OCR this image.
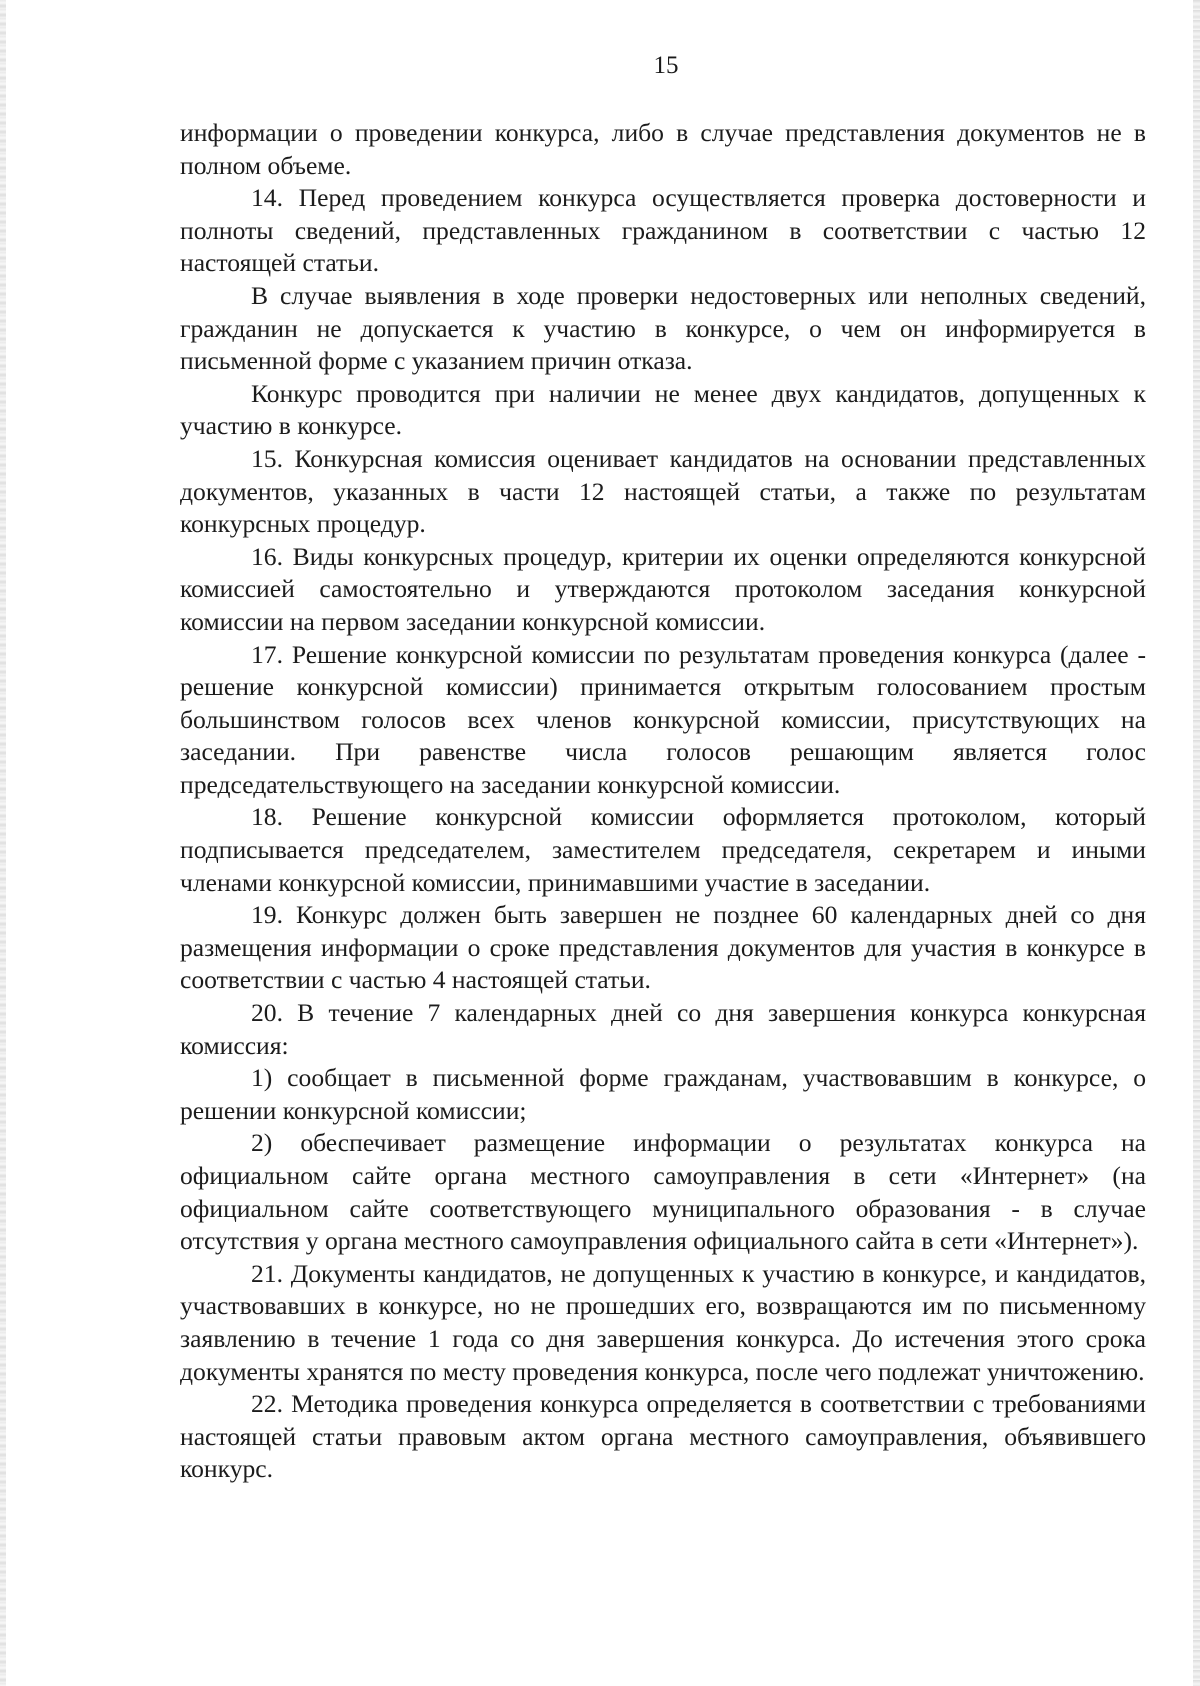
15

информации о проведении конкурса, либо в случае представления документов не в полном объеме.

14. Перед проведением конкурса осуществляется проверка достоверности и полноты сведений, представленных гражданином в соответствии с частью 12 настоящей статьи.

В случае выявления в ходе проверки недостоверных или неполных сведений, гражданин не допускается к участию в конкурсе, о чем он информируется в письменной форме с указанием причин отказа.

Конкурс проводится при наличии не менее двух кандидатов, допущенных к участию в конкурсе.

15. Конкурсная комиссия оценивает кандидатов на основании представленных документов, указанных в части 12 настоящей статьи, а также по результатам конкурсных процедур.

16. Виды конкурсных процедур, критерии их оценки определяются конкурсной комиссией самостоятельно и утверждаются протоколом заседания конкурсной комиссии на первом заседании конкурсной комиссии.

17. Решение конкурсной комиссии по результатам проведения конкурса (далее - решение конкурсной комиссии) принимается открытым голосованием простым большинством голосов всех членов конкурсной комиссии, присутствующих на заседании. При равенстве числа голосов решающим является голос председательствующего на заседании конкурсной комиссии.

18. Решение конкурсной комиссии оформляется протоколом, который подписывается председателем, заместителем председателя, секретарем и иными членами конкурсной комиссии, принимавшими участие в заседании.

19. Конкурс должен быть завершен не позднее 60 календарных дней со дня размещения информации о сроке представления документов для участия в конкурсе в соответствии с частью 4 настоящей статьи.

20. В течение 7 календарных дней со дня завершения конкурса конкурсная комиссия:

1) сообщает в письменной форме гражданам, участвовавшим в конкурсе, о решении конкурсной комиссии;

2) обеспечивает размещение информации о результатах конкурса на официальном сайте органа местного самоуправления в сети «Интернет» (на официальном сайте соответствующего муниципального образования - в случае отсутствия у органа местного самоуправления официального сайта в сети «Интернет»).

21. Документы кандидатов, не допущенных к участию в конкурсе, и кандидатов, участвовавших в конкурсе, но не прошедших его, возвращаются им по письменному заявлению в течение 1 года со дня завершения конкурса. До истечения этого срока документы хранятся по месту проведения конкурса, после чего подлежат уничтожению.

22. Методика проведения конкурса определяется в соответствии с требованиями настоящей статьи правовым актом органа местного самоуправления, объявившего конкурс.
